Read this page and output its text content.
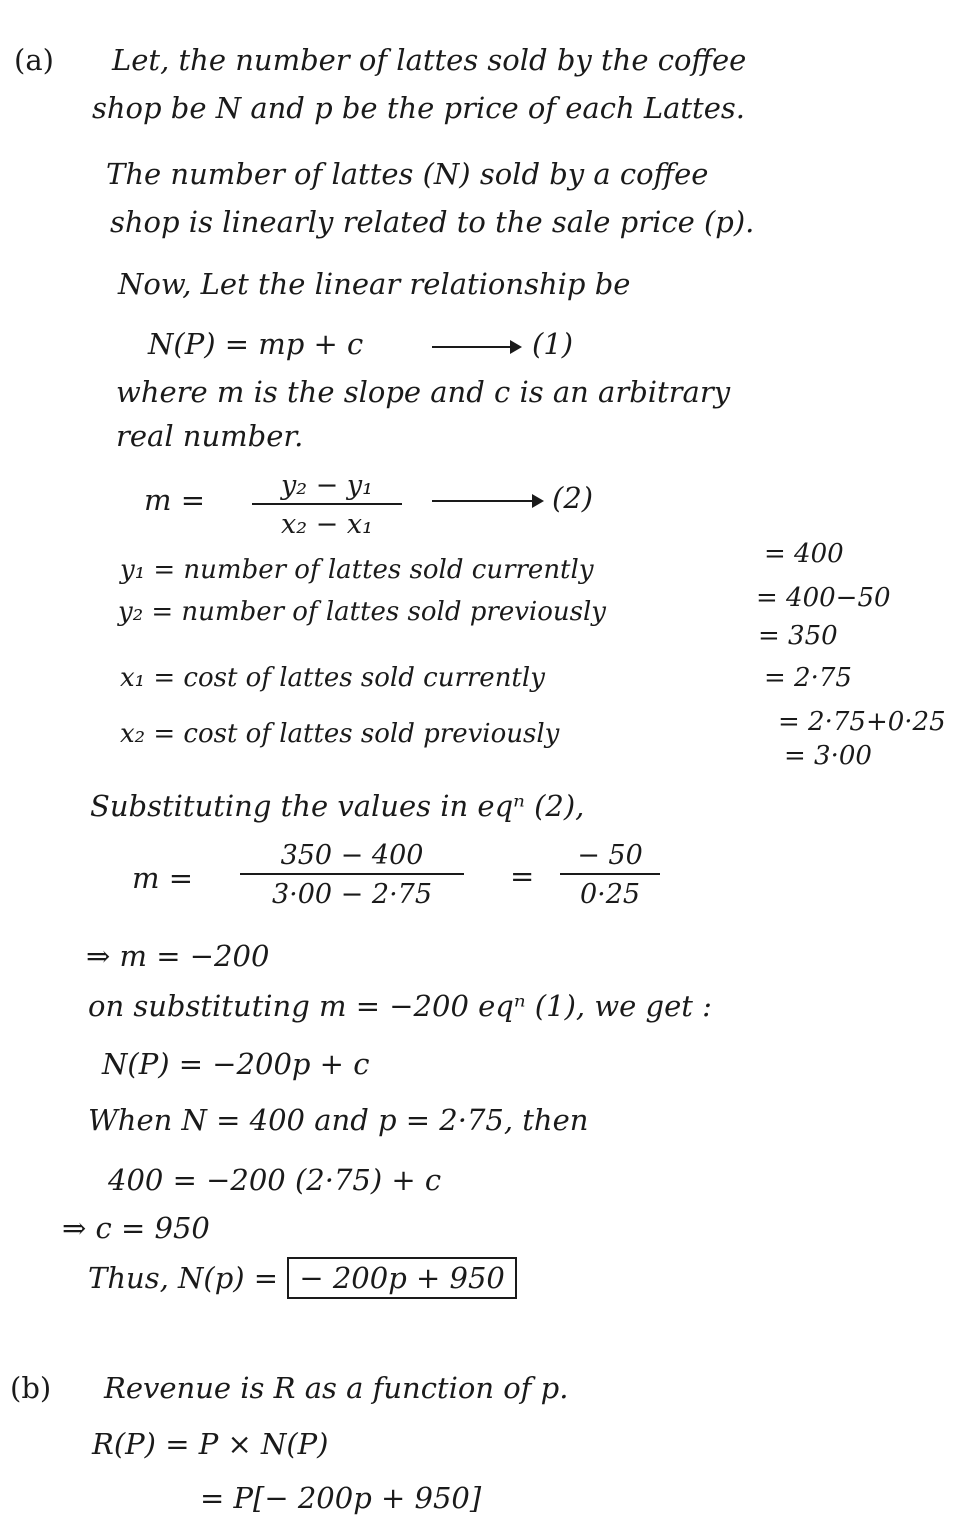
(a) Let, the number of lattes sold by the coffee
shop be N and p be the price of each Lattes.
The number of lattes (N) sold by a coffee
shop is linearly related to the sale price (p).
Now, Let the linear relationship be
N(P) = mp + c	(1)
where m is the slope and c is an arbitrary
real number.
$m = \frac{\text{y₂ − y₁}}{\text{x₂ − x₁}}$	(2)
y₁ = number of lattes sold currently
= 400
y₂ = number of lattes sold previously	= 400−50
= 350
x₁ = cost of lattes sold currently	= 2·75
x₂ = cost of lattes sold previously	= 2·75+0·25
= 3·00
Substituting the values in eqⁿ (2),
$m = \frac{350 - 400}{3\cdot 00 - 2\cdot 75} = \frac{- 50}{0\cdot 25}$
⇒ m = −200
on substituting m = −200 eqⁿ (1), we get :
N(P) = −200p + c
When N = 400 and p = 2·75, then
400 = −200 (2·75) + c
⇒ c = 950
Thus, N(p) = − 200p + 950
(b) Revenue is R as a function of p.
R(P) = P × N(P)
= P[− 200p + 950]
